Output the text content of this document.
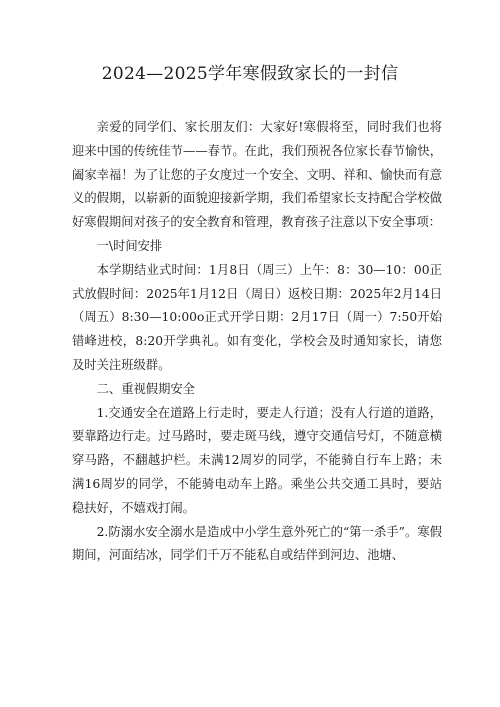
2024—2025学年寒假致家长的一封信

亲爱的同学们、家长朋友们：大家好!寒假将至，同时我们也将迎来中国的传统佳节——春节。在此，我们预祝各位家长春节愉快，阖家幸福！为了让您的子女度过一个安全、文明、祥和、愉快而有意义的假期，以崭新的面貌迎接新学期，我们希望家长支持配合学校做好寒假期间对孩子的安全教育和管理，教育孩子注意以下安全事项：

一\时间安排

本学期结业式时间：1月8日（周三）上午：8：30—10：00正式放假时间：2025年1月12日（周日）返校日期：2025年2月14日（周五）8:30—10:00o正式开学日期：2月17日（周一）7:50开始错峰进校，8:20开学典礼。如有变化，学校会及时通知家长，请您及时关注班级群。

二、重视假期安全

1.交通安全在道路上行走时，要走人行道；没有人行道的道路，要靠路边行走。过马路时，要走斑马线，遵守交通信号灯，不随意横穿马路，不翻越护栏。未满12周岁的同学，不能骑自行车上路；未满16周岁的同学，不能骑电动车上路。乘坐公共交通工具时，要站稳扶好，不嬉戏打闹。

2.防溺水安全溺水是造成中小学生意外死亡的“第一杀手”。寒假期间，河面结冰，同学们千万不能私自或结伴到河边、池塘、
